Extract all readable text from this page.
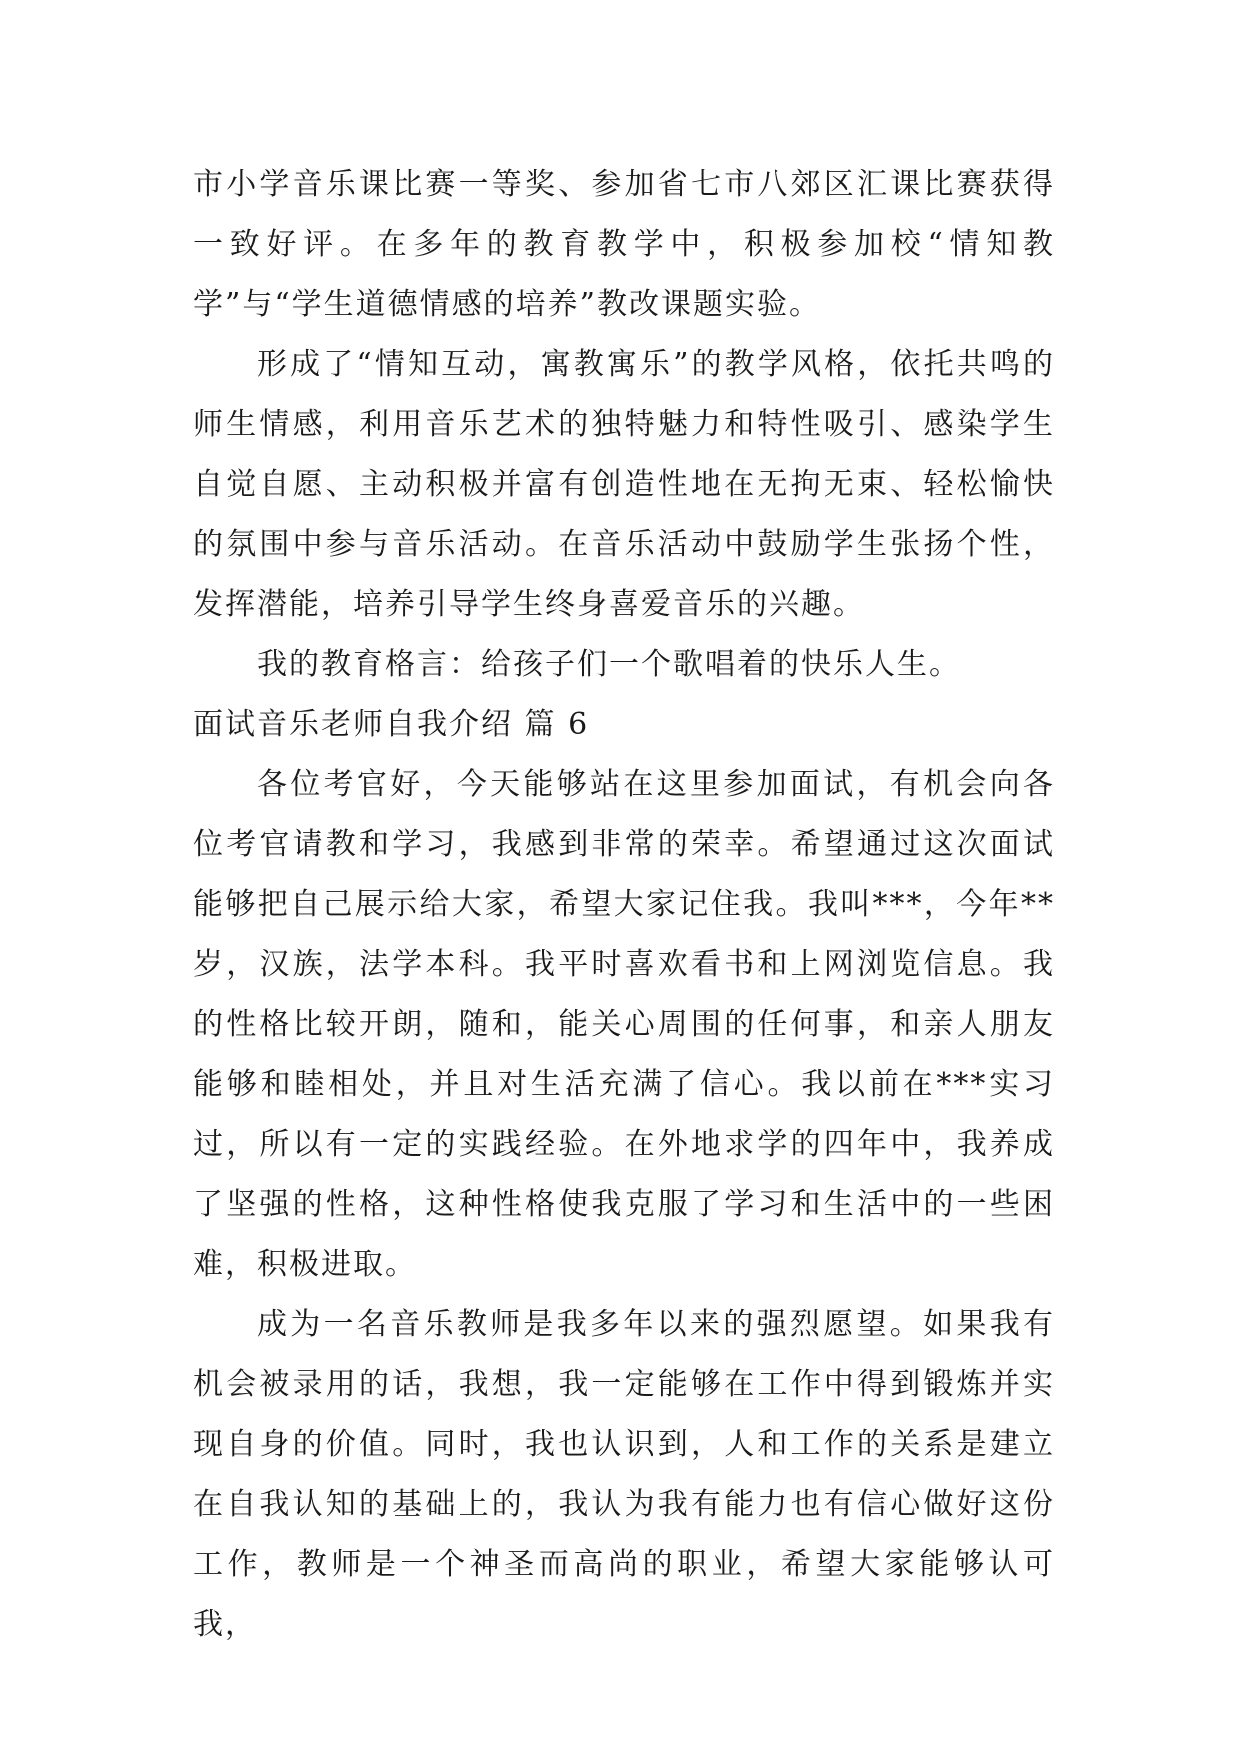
市小学音乐课比赛一等奖、参加省七市八郊区汇课比赛获得一致好评。在多年的教育教学中，积极参加校“情知教学”与“学生道德情感的培养”教改课题实验。

形成了“情知互动，寓教寓乐”的教学风格，依托共鸣的师生情感，利用音乐艺术的独特魅力和特性吸引、感染学生自觉自愿、主动积极并富有创造性地在无拘无束、轻松愉快的氛围中参与音乐活动。在音乐活动中鼓励学生张扬个性，发挥潜能，培养引导学生终身喜爱音乐的兴趣。

我的教育格言：给孩子们一个歌唱着的快乐人生。

面试音乐老师自我介绍 篇 6

各位考官好，今天能够站在这里参加面试，有机会向各位考官请教和学习，我感到非常的荣幸。希望通过这次面试能够把自己展示给大家，希望大家记住我。我叫***，今年**岁，汉族，法学本科。我平时喜欢看书和上网浏览信息。我的性格比较开朗，随和，能关心周围的任何事，和亲人朋友能够和睦相处，并且对生活充满了信心。我以前在***实习过，所以有一定的实践经验。在外地求学的四年中，我养成了坚强的性格，这种性格使我克服了学习和生活中的一些困难，积极进取。

成为一名音乐教师是我多年以来的强烈愿望。如果我有机会被录用的话，我想，我一定能够在工作中得到锻炼并实现自身的价值。同时，我也认识到，人和工作的关系是建立在自我认知的基础上的，我认为我有能力也有信心做好这份工作，教师是一个神圣而高尚的职业，希望大家能够认可我，
